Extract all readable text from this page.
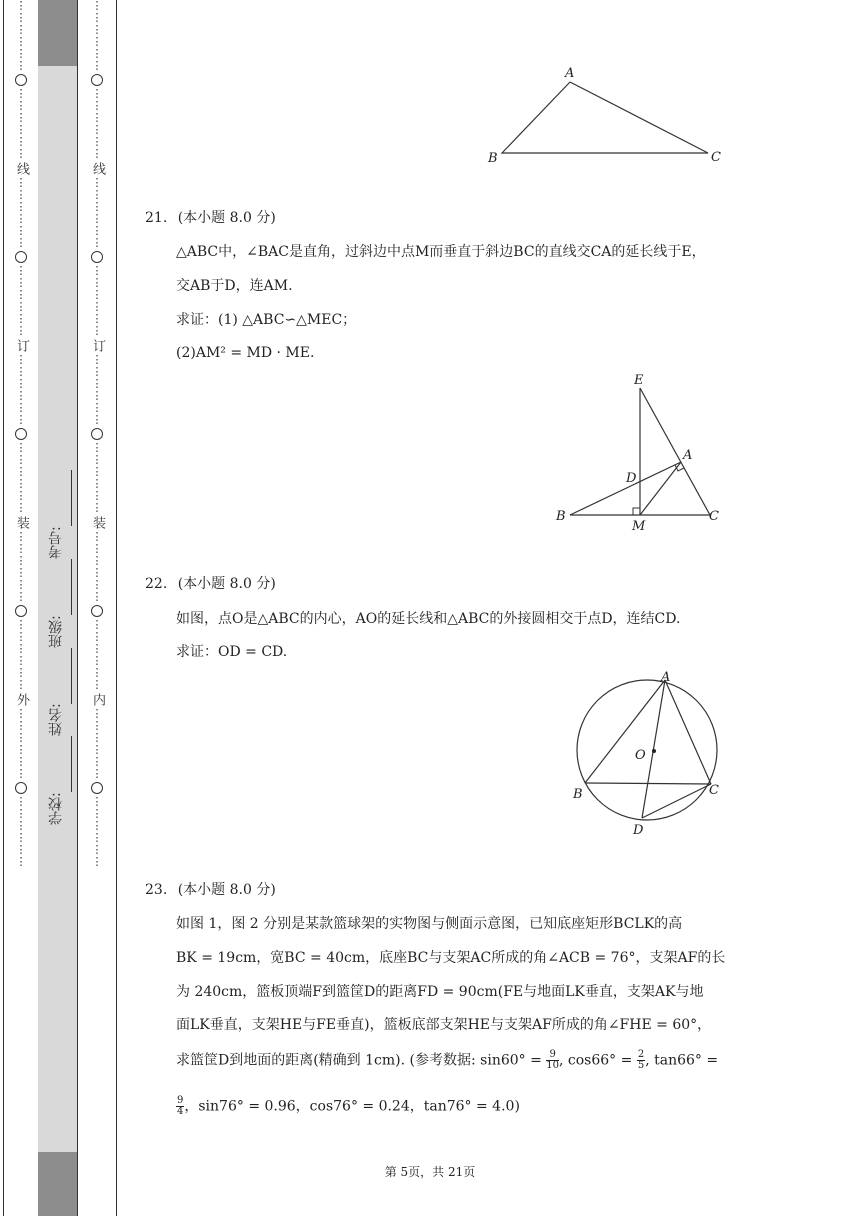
⋮
⋮
⋮
⋮
⋮
⋮
⋮
⋮
⋮
⋮
⋮
⋮
线
⋮
⋮
⋮
⋮
⋮
⋮
⋮
⋮
⋮
⋮
⋮
⋮
订
⋮
⋮
⋮
⋮
⋮
⋮
⋮
⋮
⋮
⋮
⋮
⋮
装
⋮
⋮
⋮
⋮
⋮
⋮
⋮
⋮
⋮
⋮
⋮
⋮
外
⋮
⋮
⋮
⋮
⋮
⋮
⋮
⋮
⋮
⋮
⋮
⋮
⋮
⋮
⋮
⋮
⋮
⋮
⋮
⋮
⋮
⋮
⋮
⋮
线
⋮
⋮
⋮
⋮
⋮
⋮
⋮
⋮
⋮
⋮
⋮
⋮
订
⋮
⋮
⋮
⋮
⋮
⋮
⋮
⋮
⋮
⋮
⋮
⋮
装
⋮
⋮
⋮
⋮
⋮
⋮
⋮
⋮
⋮
⋮
⋮
⋮
内
⋮
⋮
⋮
⋮
⋮
⋮
⋮
⋮
⋮
⋮
⋮
⋮
学校:
姓名:
班级:
考号:
A
B	C
21. (本小题 8.0 分)
△ABC中，∠BAC是直角，过斜边中点M而垂直于斜边BC的直线交CA的延长线于E，
交AB于D，连AM.
求证：(1) △ABC∽△MEC；
(2)AM² = MD · ME.
E
A
D
B
M
C
22. (本小题 8.0 分)
如图，点O是△ABC的内心，AO的延长线和△ABC的外接圆相交于点D，连结CD.
求证：OD = CD.
A
O
B	C
D
23. (本小题 8.0 分)
如图 1，图 2 分别是某款篮球架的实物图与侧面示意图，已知底座矩形BCLK的高
BK = 19cm，宽BC = 40cm，底座BC与支架AC所成的角∠ACB = 76°，支架AF的长
为 240cm，篮板顶端F到篮筐D的距离FD = 90cm(FE与地面LK垂直，支架AK与地
面LK垂直，支架HE与FE垂直)，篮板底部支架HE与支架AF所成的角∠FHE = 60°，
求篮筐D到地面的距离(精确到 1cm). (参考数据: $\sin 60^\circ = \frac{9}{10}$ , $\cos 66^\circ = \frac{2}{5}$ , tan66° =
$\frac{9}{4}$ ，sin76° = 0.96，cos76° = 0.24，tan76° = 4.0)
第 5页，共 21页
